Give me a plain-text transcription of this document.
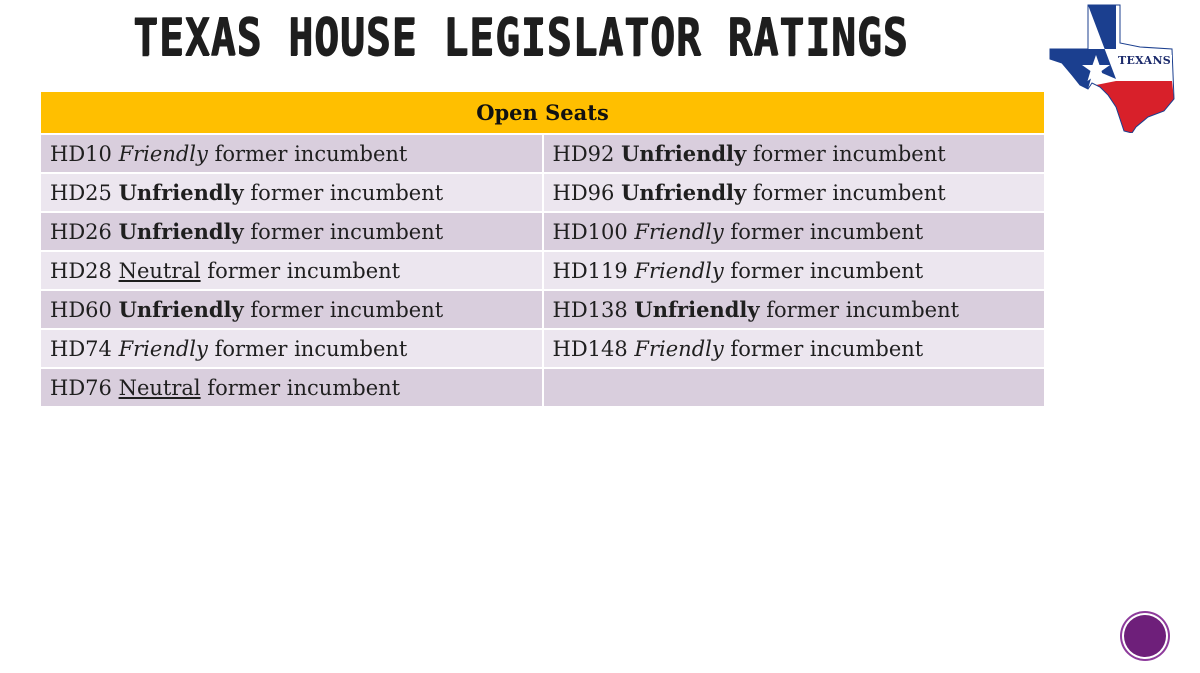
TEXAS HOUSE LEGISLATOR RATINGS	TEXANS
For Public
Education
Open Seats	
HD10 Friendly former incumbent	HD92 Unfriendly former incumbent
HD25 Unfriendly former incumbent	HD96 Unfriendly former incumbent
HD26 Unfriendly former incumbent	HD100 Friendly former incumbent
HD28 Neutral former incumbent	HD119 Friendly former incumbent
HD60 Unfriendly former incumbent	HD138 Unfriendly former incumbent
HD74 Friendly former incumbent	HD148 Friendly former incumbent
HD76 Neutral former incumbent	
